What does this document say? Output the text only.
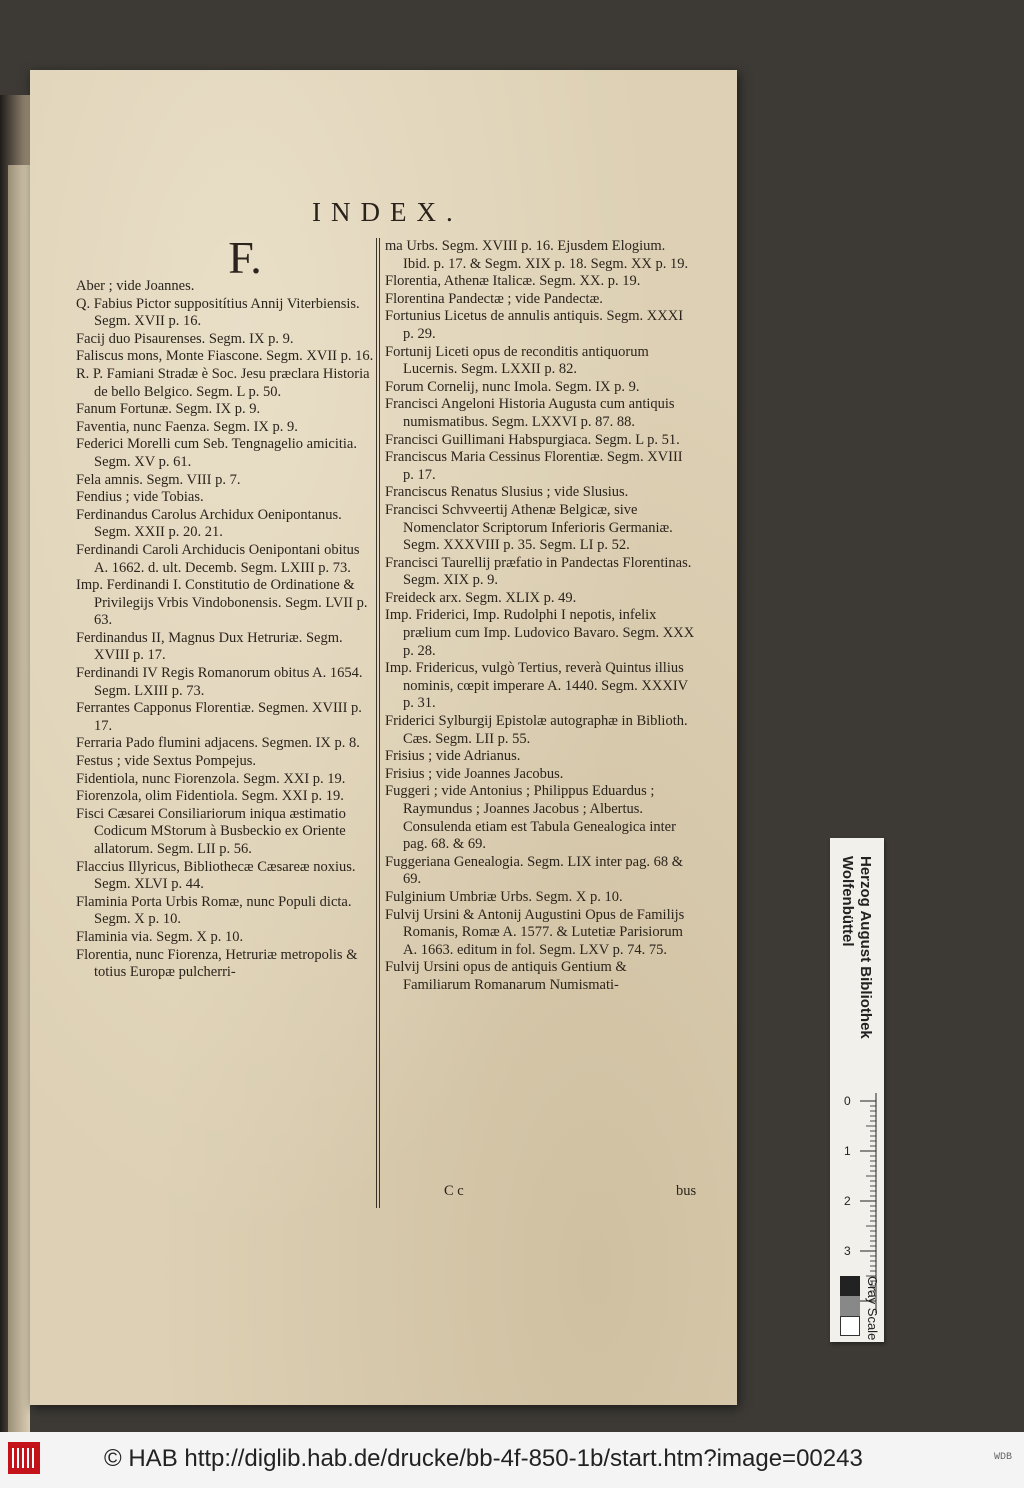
INDEX.
F.
Aber ; vide Joannes.
Q. Fabius Pictor suppositítius Annij Viterbiensis. Segm. XVII p. 16.
Facij duo Pisaurenses. Segm. IX p. 9.
Faliscus mons, Monte Fiascone. Segm. XVII p. 16.
R. P. Famiani Stradæ è Soc. Jesu præclara Historia de bello Belgico. Segm. L p. 50.
Fanum Fortunæ. Segm. IX p. 9.
Faventia, nunc Faenza. Segm. IX p. 9.
Federici Morelli cum Seb. Tengnagelio amicitia. Segm. XV p. 61.
Fela amnis. Segm. VIII p. 7.
Fendius ; vide Tobias.
Ferdinandus Carolus Archidux Oenipontanus. Segm. XXII p. 20. 21.
Ferdinandi Caroli Archiducis Oenipontani obitus A. 1662. d. ult. Decemb. Segm. LXIII p. 73.
Imp. Ferdinandi I. Constitutio de Ordinatione & Privilegijs Vrbis Vindobonensis. Segm. LVII p. 63.
Ferdinandus II, Magnus Dux Hetruriæ. Segm. XVIII p. 17.
Ferdinandi IV Regis Romanorum obitus A. 1654. Segm. LXIII p. 73.
Ferrantes Capponus Florentiæ. Segmen. XVIII p. 17.
Ferraria Pado flumini adjacens. Segmen. IX p. 8.
Festus ; vide Sextus Pompejus.
Fidentiola, nunc Fiorenzola. Segm. XXI p. 19.
Fiorenzola, olim Fidentiola. Segm. XXI p. 19.
Fisci Cæsarei Consiliariorum iniqua æstimatio Codicum MStorum à Busbeckio ex Oriente allatorum. Segm. LII p. 56.
Flaccius Illyricus, Bibliothecæ Cæsareæ noxius. Segm. XLVI p. 44.
Flaminia Porta Urbis Romæ, nunc Populi dicta. Segm. X p. 10.
Flaminia via. Segm. X p. 10.
Florentia, nunc Fiorenza, Hetruriæ metropolis & totius Europæ pulcherri-
ma Urbs. Segm. XVIII p. 16. Ejusdem Elogium. Ibid. p. 17. & Segm. XIX p. 18. Segm. XX p. 19.
Florentia, Athenæ Italicæ. Segm. XX. p. 19.
Florentina Pandectæ ; vide Pandectæ.
Fortunius Licetus de annulis antiquis. Segm. XXXI p. 29.
Fortunij Liceti opus de reconditis antiquorum Lucernis. Segm. LXXII p. 82.
Forum Cornelij, nunc Imola. Segm. IX p. 9.
Francisci Angeloni Historia Augusta cum antiquis numismatibus. Segm. LXXVI p. 87. 88.
Francisci Guillimani Habspurgiaca. Segm. L p. 51.
Franciscus Maria Cessinus Florentiæ. Segm. XVIII p. 17.
Franciscus Renatus Slusius ; vide Slusius.
Francisci Schvveertij Athenæ Belgicæ, sive Nomenclator Scriptorum Inferioris Germaniæ. Segm. XXXVIII p. 35. Segm. LI p. 52.
Francisci Taurellij præfatio in Pandectas Florentinas. Segm. XIX p. 9.
Freideck arx. Segm. XLIX p. 49.
Imp. Friderici, Imp. Rudolphi I nepotis, infelix prælium cum Imp. Ludovico Bavaro. Segm. XXX p. 28.
Imp. Fridericus, vulgò Tertius, reverà Quintus illius nominis, cœpit imperare A. 1440. Segm. XXXIV p. 31.
Friderici Sylburgij Epistolæ autographæ in Biblioth. Cæs. Segm. LII p. 55.
Frisius ; vide Adrianus.
Frisius ; vide Joannes Jacobus.
Fuggeri ; vide Antonius ; Philippus Eduardus ; Raymundus ; Joannes Jacobus ; Albertus. Consulenda etiam est Tabula Genealogica inter pag. 68. & 69.
Fuggeriana Genealogia. Segm. LIX inter pag. 68 & 69.
Fulginium Umbriæ Urbs. Segm. X p. 10.
Fulvij Ursini & Antonij Augustini Opus de Familijs Romanis, Romæ A. 1577. & Lutetiæ Parisiorum A. 1663. editum in fol. Segm. LXV p. 74. 75.
Fulvij Ursini opus de antiquis Gentium & Familiarum Romanarum Numismati-
C c	bus
Herzog August Bibliothek
Wolfenbüttel
0
1
2
3
Gray Scale
© HAB http://diglib.hab.de/drucke/bb-4f-850-1b/start.htm?image=00243	WDB
